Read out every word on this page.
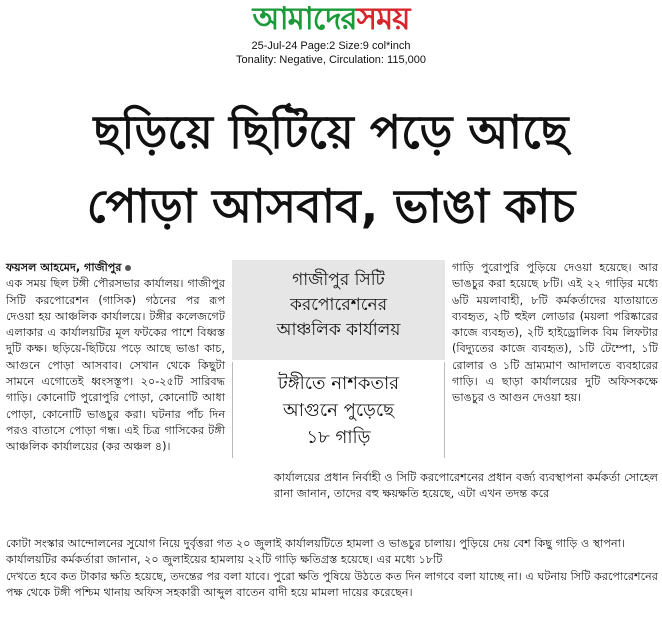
আমাদেরসময়
25-Jul-24 Page:2 Size:9 col*inch
Tonality: Negative, Circulation: 115,000
ছড়িয়ে ছিটিয়ে পড়ে আছে
পোড়া আসবাব, ভাঙা কাচ

ফয়সল আহমেদ, গাজীপুর

এক সময় ছিল টঙ্গী পৌরসভার কার্যালয়। গাজীপুর সিটি করপোরেশন (গাসিক) গঠনের পর রূপ দেওয়া হয় আঞ্চলিক কার্যালয়ে। টঙ্গীর কলেজগেট এলাকার এ কার্যালয়টির মূল ফটকের পাশে বিধ্বস্ত দুটি কক্ষ। ছড়িয়ে-ছিটিয়ে পড়ে আছে ভাঙা কাচ, আগুনে পোড়া আসবাব। সেখান থেকে কিছুটা সামনে এগোতেই ধ্বংসস্তূপ। ২০-২৫টি সারিবদ্ধ গাড়ি। কোনোটি পুরোপুরি পোড়া, কোনোটি আধা পোড়া, কোনোটি ভাঙচুর করা। ঘটনার পাঁচ দিন পরও বাতাসে পোড়া গন্ধ। এই চিত্র গাসিকের টঙ্গী আঞ্চলিক কার্যালয়ের (কর অঞ্চল ৪)।

গাজীপুর সিটি
করপোরেশনের
আঞ্চলিক কার্যালয়
টঙ্গীতে নাশকতার
আগুনে পুড়েছে
১৮ গাড়ি

গাড়ি পুরোপুরি পুড়িয়ে দেওয়া হয়েছে। আর ভাঙচুর করা হয়েছে ৮টি। এই ২২ গাড়ির মধ্যে ৬টি ময়লাবাহী, ৮টি কর্মকর্তাদের যাতায়াতে ব্যবহৃত, ২টি হুইল লোডার (ময়লা পরিষ্কারের কাজে ব্যবহৃত), ২টি হাইড্রোলিক বিম লিফটার (বিদ্যুতের কাজে ব্যবহৃত), ১টি টেম্পো, ১টি রোলার ও ১টি ভ্রাম্যমাণ আদালতে ব্যবহারের গাড়ি। এ ছাড়া কার্যালয়ের দুটি অফিসকক্ষে ভাঙচুর ও আগুন দেওয়া হয়।

কার্যালয়ের প্রধান নির্বাহী ও সিটি করপোরেশনের প্রধান বর্জ্য ব্যবস্থাপনা কর্মকর্তা সোহেল রানা জানান, তাদের বহু ক্ষয়ক্ষতি হয়েছে, এটা এখন তদন্ত করে

কোটা সংস্কার আন্দোলনের সুযোগ নিয়ে দুর্বৃত্তরা গত ২০ জুলাই কার্যালয়টিতে হামলা ও ভাঙচুর চালায়। পুড়িয়ে দেয় বেশ কিছু গাড়ি ও স্থাপনা।

কার্যালয়টির কর্মকর্তারা জানান, ২০ জুলাইয়ের হামলায় ২২টি গাড়ি ক্ষতিগ্রস্ত হয়েছে। এর মধ্যে ১৮টি

দেখতে হবে কত টাকার ক্ষতি হয়েছে, তদন্তের পর বলা যাবে। পুরো ক্ষতি পুষিয়ে উঠতে কত দিন লাগবে বলা যাচ্ছে না। এ ঘটনায় সিটি করপোরেশনের পক্ষ থেকে টঙ্গী পশ্চিম থানায় অফিস সহকারী আব্দুল বাতেন বাদী হয়ে মামলা দায়ের করেছেন।
